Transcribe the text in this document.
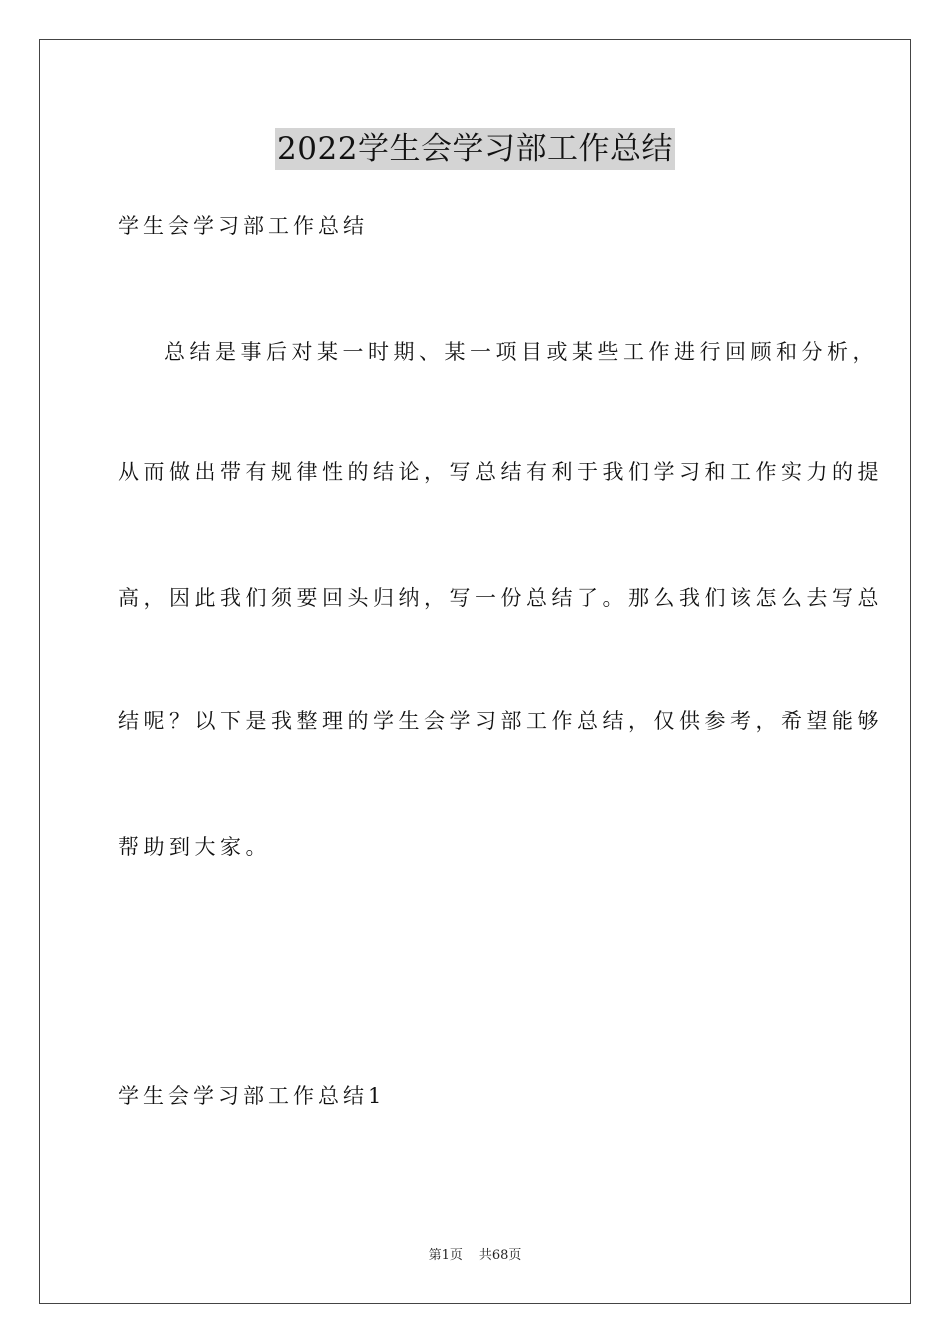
2022学生会学习部工作总结
学生会学习部工作总结
总结是事后对某一时期、某一项目或某些工作进行回顾和分析，
从而做出带有规律性的结论，写总结有利于我们学习和工作实力的提
高，因此我们须要回头归纳，写一份总结了。那么我们该怎么去写总
结呢？以下是我整理的学生会学习部工作总结，仅供参考，希望能够
帮助到大家。
学生会学习部工作总结1
第1页 共68页
